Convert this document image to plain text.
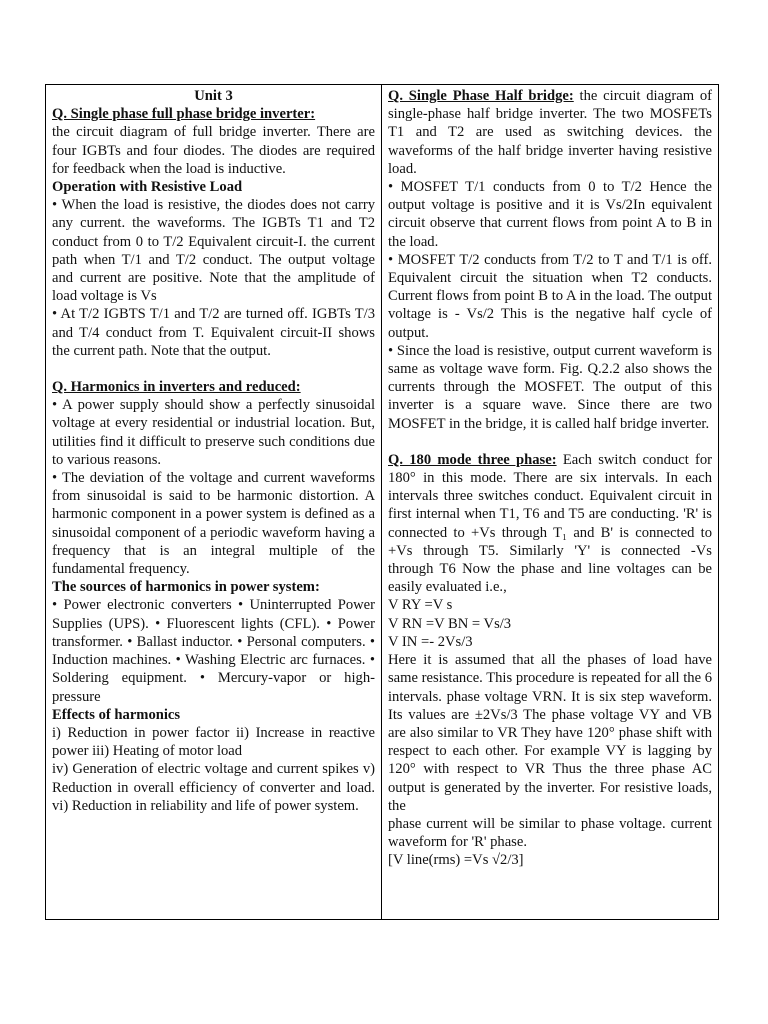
Unit 3

Q. Single phase full phase bridge inverter:

the circuit diagram of full bridge inverter. There are four IGBTs and four diodes. The diodes are required for feedback when the load is inductive.

Operation with Resistive Load

• When the load is resistive, the diodes does not carry any current. the waveforms. The IGBTs T1 and T2 conduct from 0 to T/2 Equivalent circuit-I. the current path when T/1 and T/2 conduct. The output voltage and current are positive. Note that the amplitude of load voltage is Vs

• At T/2 IGBTS T/1 and T/2 are turned off. IGBTs T/3 and T/4 conduct from T. Equivalent circuit-II shows the current path. Note that the output.

Q. Harmonics in inverters and reduced:

• A power supply should show a perfectly sinusoidal voltage at every residential or industrial location. But, utilities find it difficult to preserve such conditions due to various reasons.

• The deviation of the voltage and current waveforms from sinusoidal is said to be harmonic distortion. A harmonic component in a power system is defined as a sinusoidal component of a periodic waveform having a frequency that is an integral multiple of the fundamental frequency.

The sources of harmonics in power system:

• Power electronic converters • Uninterrupted Power Supplies (UPS). • Fluorescent lights (CFL). • Power transformer. • Ballast inductor. • Personal computers. • Induction machines. • Washing Electric arc furnaces. • Soldering equipment. • Mercury-vapor or high-pressure

Effects of harmonics

i) Reduction in power factor ii) Increase in reactive power iii) Heating of motor load

iv) Generation of electric voltage and current spikes v) Reduction in overall efficiency of converter and load. vi) Reduction in reliability and life of power system.

Q. Single Phase Half bridge: the circuit diagram of single-phase half bridge inverter. The two MOSFETs T1 and T2 are used as switching devices. the waveforms of the half bridge inverter having resistive load.

• MOSFET T/1 conducts from 0 to T/2 Hence the output voltage is positive and it is Vs/2In equivalent circuit observe that current flows from point A to B in the load.

• MOSFET T/2 conducts from T/2 to T and T/1 is off. Equivalent circuit the situation when T2 conducts. Current flows from point B to A in the load. The output voltage is - Vs/2 This is the negative half cycle of output.

• Since the load is resistive, output current waveform is same as voltage wave form. Fig. Q.2.2 also shows the currents through the MOSFET. The output of this inverter is a square wave. Since there are two MOSFET in the bridge, it is called half bridge inverter.

Q. 180 mode three phase: Each switch conduct for 180° in this mode. There are six intervals. In each intervals three switches conduct. Equivalent circuit in first internal when T1, T6 and T5 are conducting. 'R' is connected to +Vs through T₁ and B' is connected to +Vs through T5. Similarly 'Y' is connected -Vs through T6 Now the phase and line voltages can be easily evaluated i.e.,

V RY =V s

V RN =V BN = Vs/3

V IN =- 2Vs/3

Here it is assumed that all the phases of load have same resistance. This procedure is repeated for all the 6 intervals. phase voltage VRN. It is six step waveform. Its values are ±2Vs/3 The phase voltage VY and VB are also similar to VR They have 120° phase shift with respect to each other. For example VY is lagging by 120° with respect to VR Thus the three phase AC output is generated by the inverter. For resistive loads, the

phase current will be similar to phase voltage. current waveform for 'R' phase.

[V line(rms) =Vs √2/3]
